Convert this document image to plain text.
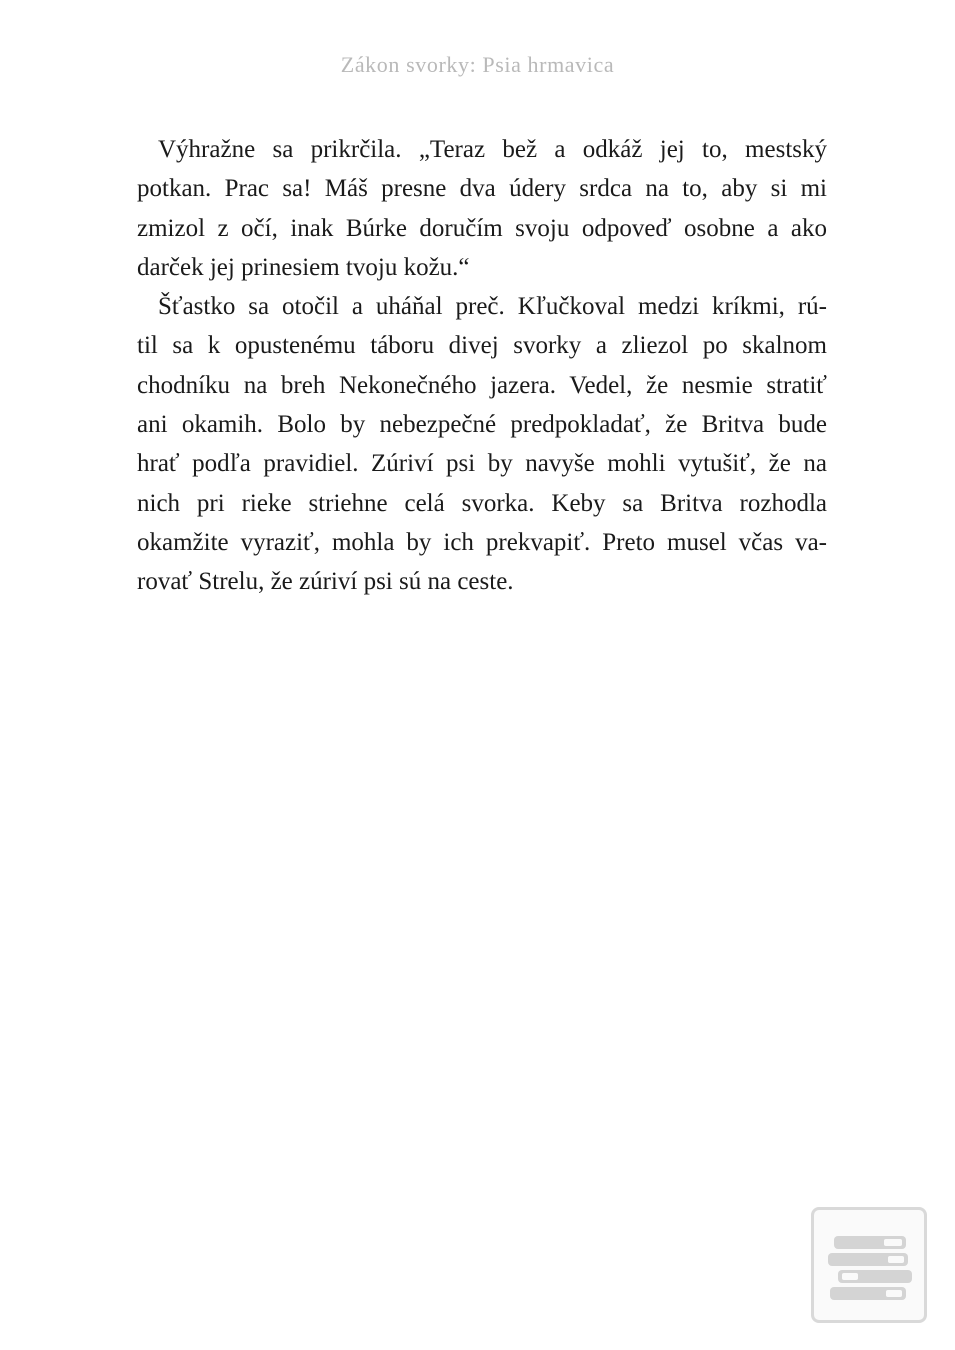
Zákon svorky: Psia hrmavica
Výhražne sa prikrčila. „Teraz bež a odkáž jej to, mestský
potkan. Prac sa! Máš presne dva údery srdca na to, aby si mi
zmizol z očí, inak Búrke doručím svoju odpoveď osobne a ako
darček jej prinesiem tvoju kožu.“
Šťastko sa otočil a uháňal preč. Kľučkoval medzi kríkmi, rú-
til sa k opustenému táboru divej svorky a zliezol po skalnom
chodníku na breh Nekonečného jazera. Vedel, že nesmie stratiť
ani okamih. Bolo by nebezpečné predpokladať, že Britva bude
hrať podľa pravidiel. Zúriví psi by navyše mohli vytušiť, že na
nich pri rieke striehne celá svorka. Keby sa Britva rozhodla
okamžite vyraziť, mohla by ich prekvapiť. Preto musel včas va-
rovať Strelu, že zúriví psi sú na ceste.
